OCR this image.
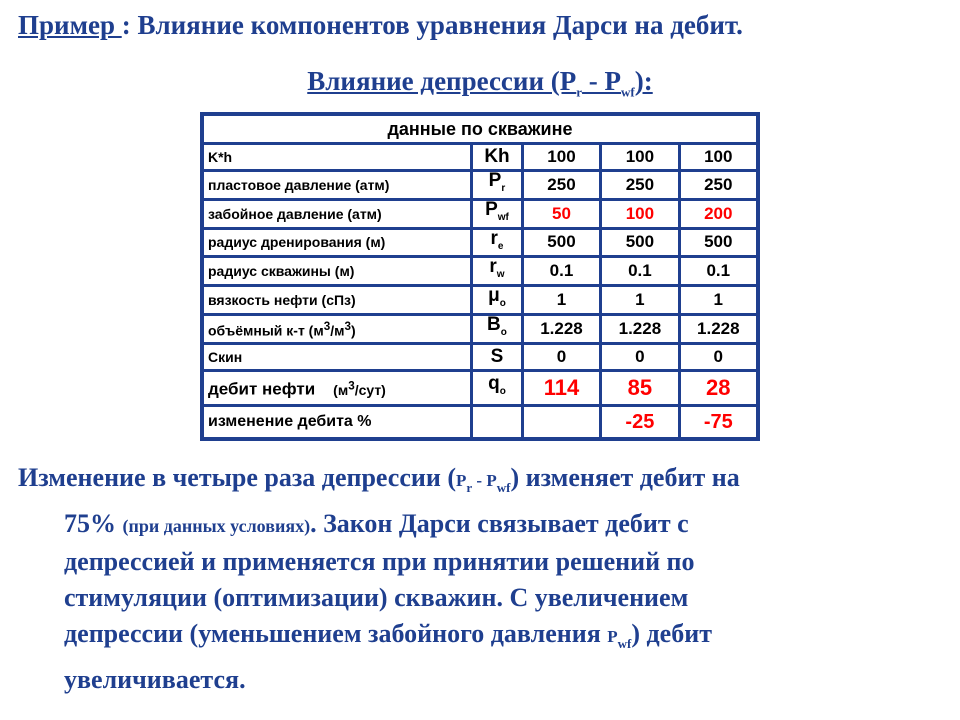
Пример : Влияние компонентов уравнения Дарси на дебит.
Влияние депрессии $(P_r - P_{wf})$:
данные по скважине				
K*h	Kh	100	100	100
пластовое давление (атм)	$P_r$	250	250	250
забойное давление (атм)	$P_{wf}$	50	100	200
радиус дренирования (м)	$r_e$	500	500	500
радиус скважины (м)	$r_w$	0.1	0.1	0.1
вязкость нефти (сПз)	$\mu_o$	1	1	1
объёмный к-т $(м^3/м^3)$	$B_o$	1.228	1.228	1.228
Скин	S	0	0	0
дебит нефти $(м^3/сут)$	$q_o$	114	85	28
изменение дебита %			-25	-75

Изменение в четыре раза депрессии $(P_r - P_{wf})$ изменяет дебит на
75% (при данных условиях). Закон Дарси связывает дебит с
депрессией и применяется при принятии решений по
стимуляции (оптимизации) скважин. С увеличением
депрессии (уменьшением забойного давления $P_{wf}$) дебит
увеличивается.
